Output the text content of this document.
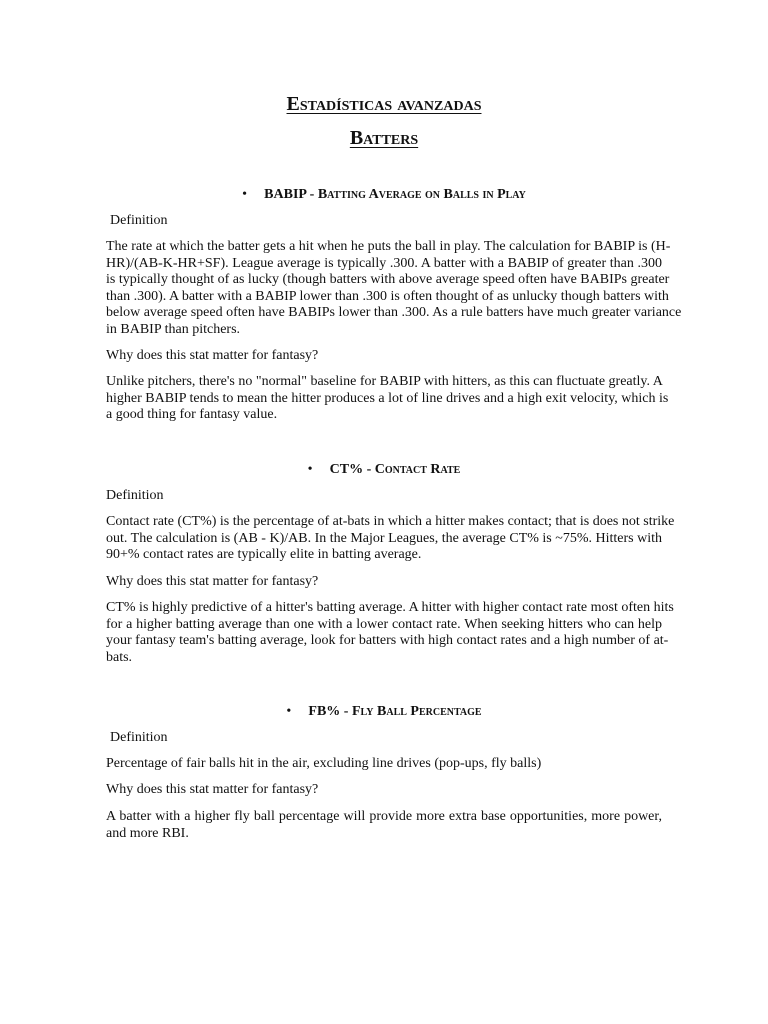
Estadísticas avanzadas
Batters
• BABIP - Batting Average on Balls in Play
Definition
The rate at which the batter gets a hit when he puts the ball in play. The calculation for BABIP is (H-
HR)/(AB-K-HR+SF). League average is typically .300. A batter with a BABIP of greater than .300
is typically thought of as lucky (though batters with above average speed often have BABIPs greater
than .300). A batter with a BABIP lower than .300 is often thought of as unlucky though batters with
below average speed often have BABIPs lower than .300. As a rule batters have much greater variance
in BABIP than pitchers.
Why does this stat matter for fantasy?
Unlike pitchers, there's no "normal" baseline for BABIP with hitters, as this can fluctuate greatly. A
higher BABIP tends to mean the hitter produces a lot of line drives and a high exit velocity, which is
a good thing for fantasy value.
• CT% - Contact Rate
Definition
Contact rate (CT%) is the percentage of at-bats in which a hitter makes contact; that is does not strike
out. The calculation is (AB - K)/AB. In the Major Leagues, the average CT% is ~75%. Hitters with
90+% contact rates are typically elite in batting average.
Why does this stat matter for fantasy?
CT% is highly predictive of a hitter's batting average. A hitter with higher contact rate most often hits
for a higher batting average than one with a lower contact rate. When seeking hitters who can help
your fantasy team's batting average, look for batters with high contact rates and a high number of at-
bats.
• FB% - Fly Ball Percentage
Definition
Percentage of fair balls hit in the air, excluding line drives (pop-ups, fly balls)
Why does this stat matter for fantasy?
A batter with a higher fly ball percentage will provide more extra base opportunities, more power,
and more RBI.
